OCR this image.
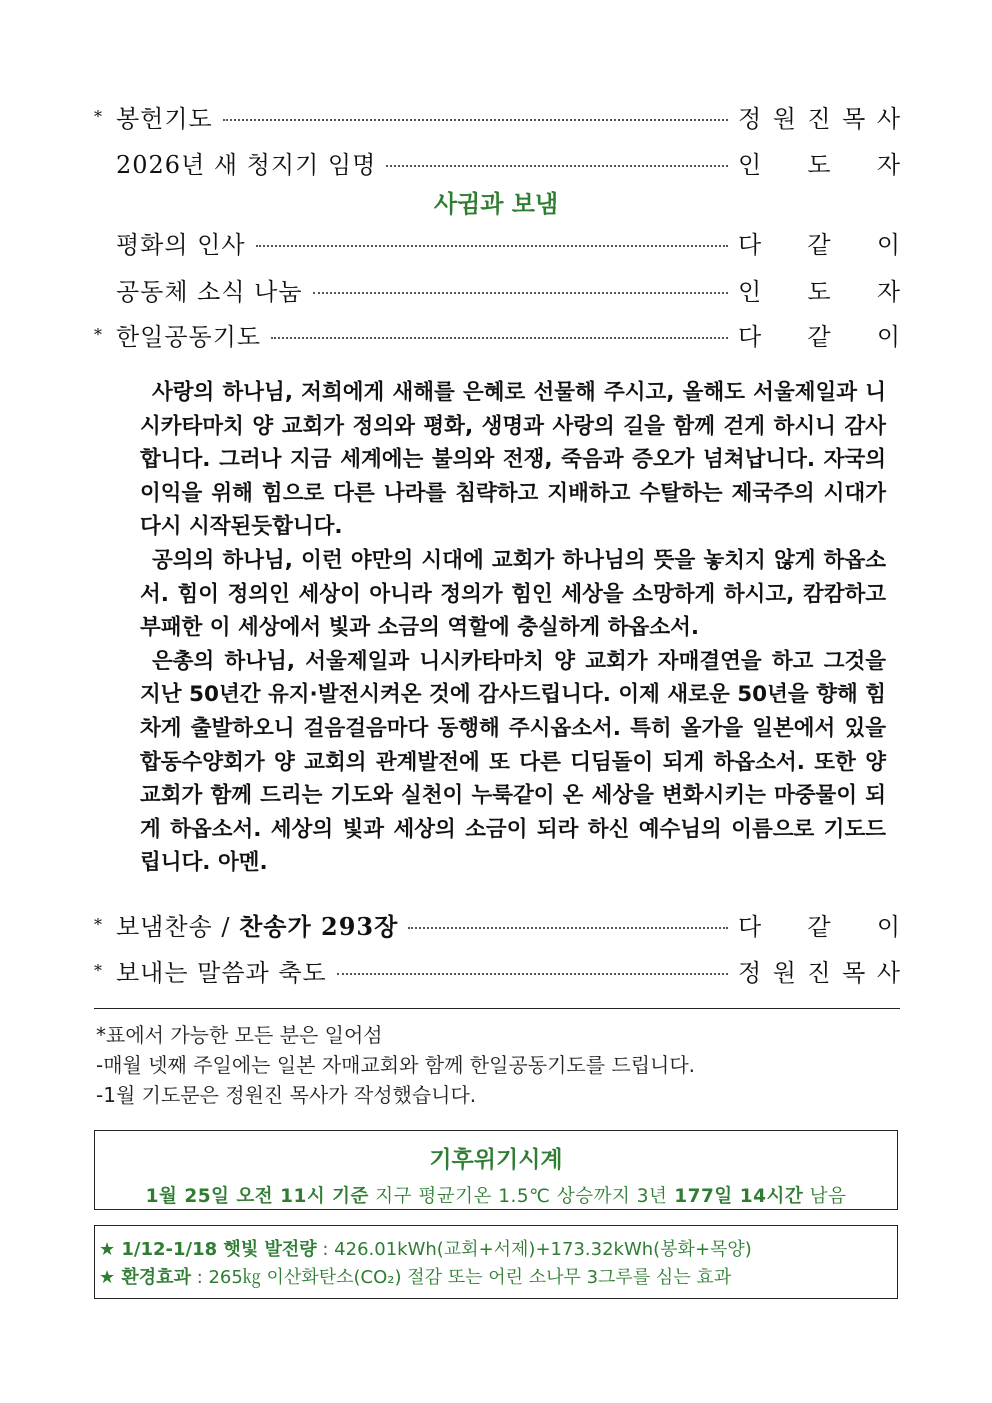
* 봉헌기도	정 원 진 목 사
2026년 새 청지기 임명	인 도 자
사귐과 보냄
평화의 인사	다 같 이
공동체 소식 나눔	인 도 자
* 한일공동기도	다 같 이

사랑의 하나님, 저희에게 새해를 은혜로 선물해 주시고, 올해도 서울제일과 니시카타마치 양 교회가 정의와 평화, 생명과 사랑의 길을 함께 걷게 하시니 감사합니다. 그러나 지금 세계에는 불의와 전쟁, 죽음과 증오가 넘쳐납니다. 자국의 이익을 위해 힘으로 다른 나라를 침략하고 지배하고 수탈하는 제국주의 시대가 다시 시작된듯합니다.

공의의 하나님, 이런 야만의 시대에 교회가 하나님의 뜻을 놓치지 않게 하옵소서. 힘이 정의인 세상이 아니라 정의가 힘인 세상을 소망하게 하시고, 캄캄하고 부패한 이 세상에서 빛과 소금의 역할에 충실하게 하옵소서.

은총의 하나님, 서울제일과 니시카타마치 양 교회가 자매결연을 하고 그것을 지난 50년간 유지·발전시켜온 것에 감사드립니다. 이제 새로운 50년을 향해 힘차게 출발하오니 걸음걸음마다 동행해 주시옵소서. 특히 올가을 일본에서 있을 합동수양회가 양 교회의 관계발전에 또 다른 디딤돌이 되게 하옵소서. 또한 양 교회가 함께 드리는 기도와 실천이 누룩같이 온 세상을 변화시키는 마중물이 되게 하옵소서. 세상의 빛과 세상의 소금이 되라 하신 예수님의 이름으로 기도드립니다. 아멘.

* 보냄찬송 / 찬송가 293장	다 같 이
* 보내는 말씀과 축도	정 원 진 목 사
*표에서 가능한 모든 분은 일어섬
-매월 넷째 주일에는 일본 자매교회와 함께 한일공동기도를 드립니다.
-1월 기도문은 정원진 목사가 작성했습니다.
기후위기시계
1월 25일 오전 11시 기준 지구 평균기온 1.5℃ 상승까지 3년 177일 14시간 남음
★ 1/12-1/18 햇빛 발전량 : 426.01kWh(교회+서제)+173.32kWh(봉화+목양)
★ 환경효과 : 265㎏ 이산화탄소(CO₂) 절감 또는 어린 소나무 3그루를 심는 효과
